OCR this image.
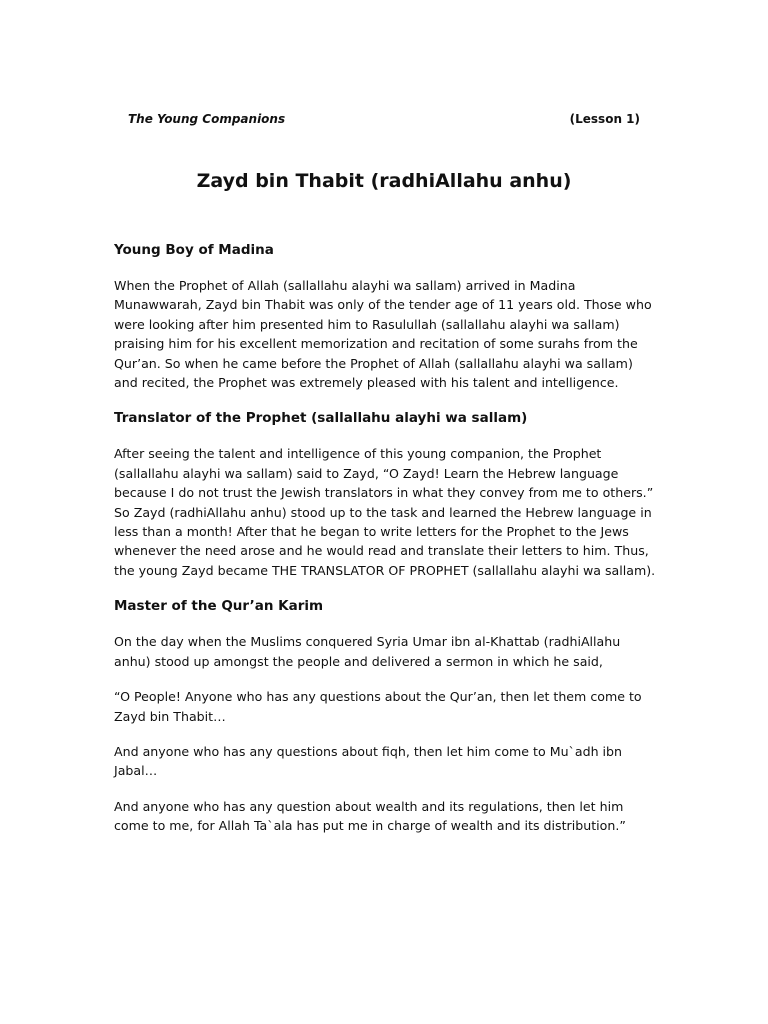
The Young Companions	(Lesson 1)
Zayd bin Thabit (radhiAllahu anhu)
Young Boy of Madina

When the Prophet of Allah (sallallahu alayhi wa sallam) arrived in Madina Munawwarah, Zayd bin Thabit was only of the tender age of 11 years old. Those who were looking after him presented him to Rasulullah (sallallahu alayhi wa sallam) praising him for his excellent memorization and recitation of some surahs from the Qur’an. So when he came before the Prophet of Allah (sallallahu alayhi wa sallam) and recited, the Prophet was extremely pleased with his talent and intelligence.

Translator of the Prophet (sallallahu alayhi wa sallam)

After seeing the talent and intelligence of this young companion, the Prophet (sallallahu alayhi wa sallam) said to Zayd, “O Zayd! Learn the Hebrew language because I do not trust the Jewish translators in what they convey from me to others.” So Zayd (radhiAllahu anhu) stood up to the task and learned the Hebrew language in less than a month! After that he began to write letters for the Prophet to the Jews whenever the need arose and he would read and translate their letters to him. Thus, the young Zayd became THE TRANSLATOR OF PROPHET (sallallahu alayhi wa sallam).

Master of the Qur’an Karim

On the day when the Muslims conquered Syria Umar ibn al-Khattab (radhiAllahu anhu) stood up amongst the people and delivered a sermon in which he said,

“O People! Anyone who has any questions about the Qur’an, then let them come to Zayd bin Thabit…

And anyone who has any questions about fiqh, then let him come to Mu`adh ibn Jabal…

And anyone who has any question about wealth and its regulations, then let him come to me, for Allah Ta`ala has put me in charge of wealth and its distribution.”
